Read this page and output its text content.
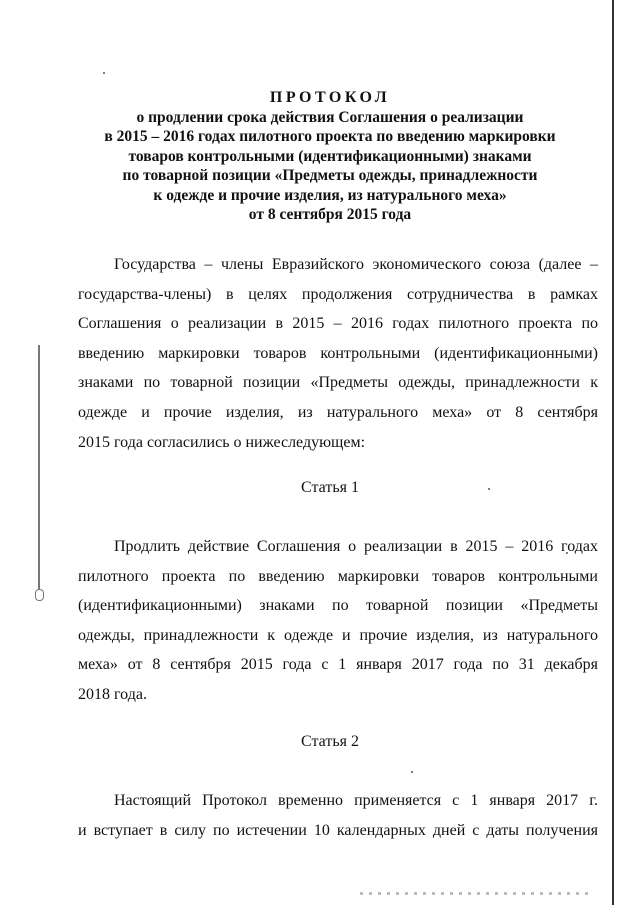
ПРОТОКОЛ
о продлении срока действия Соглашения о реализации
в 2015 – 2016 годах пилотного проекта по введению маркировки
товаров контрольными (идентификационными) знаками
по товарной позиции «Предметы одежды, принадлежности
к одежде и прочие изделия, из натурального меха»
от 8 сентября 2015 года
Государства – члены Евразийского экономического союза (далее –
государства-члены) в целях продолжения сотрудничества в рамках
Соглашения о реализации в 2015 – 2016 годах пилотного проекта по
введению маркировки товаров контрольными (идентификационными)
знаками по товарной позиции «Предметы одежды, принадлежности к
одежде и прочие изделия, из натурального меха» от 8 сентября
2015 года согласились о нижеследующем:
Статья 1
Продлить действие Соглашения о реализации в 2015 – 2016 годах
пилотного проекта по введению маркировки товаров контрольными
(идентификационными) знаками по товарной позиции «Предметы
одежды, принадлежности к одежде и прочие изделия, из натурального
меха» от 8 сентября 2015 года с 1 января 2017 года по 31 декабря
2018 года.
Статья 2
Настоящий Протокол временно применяется с 1 января 2017 г.
и вступает в силу по истечении 10 календарных дней с даты получения
